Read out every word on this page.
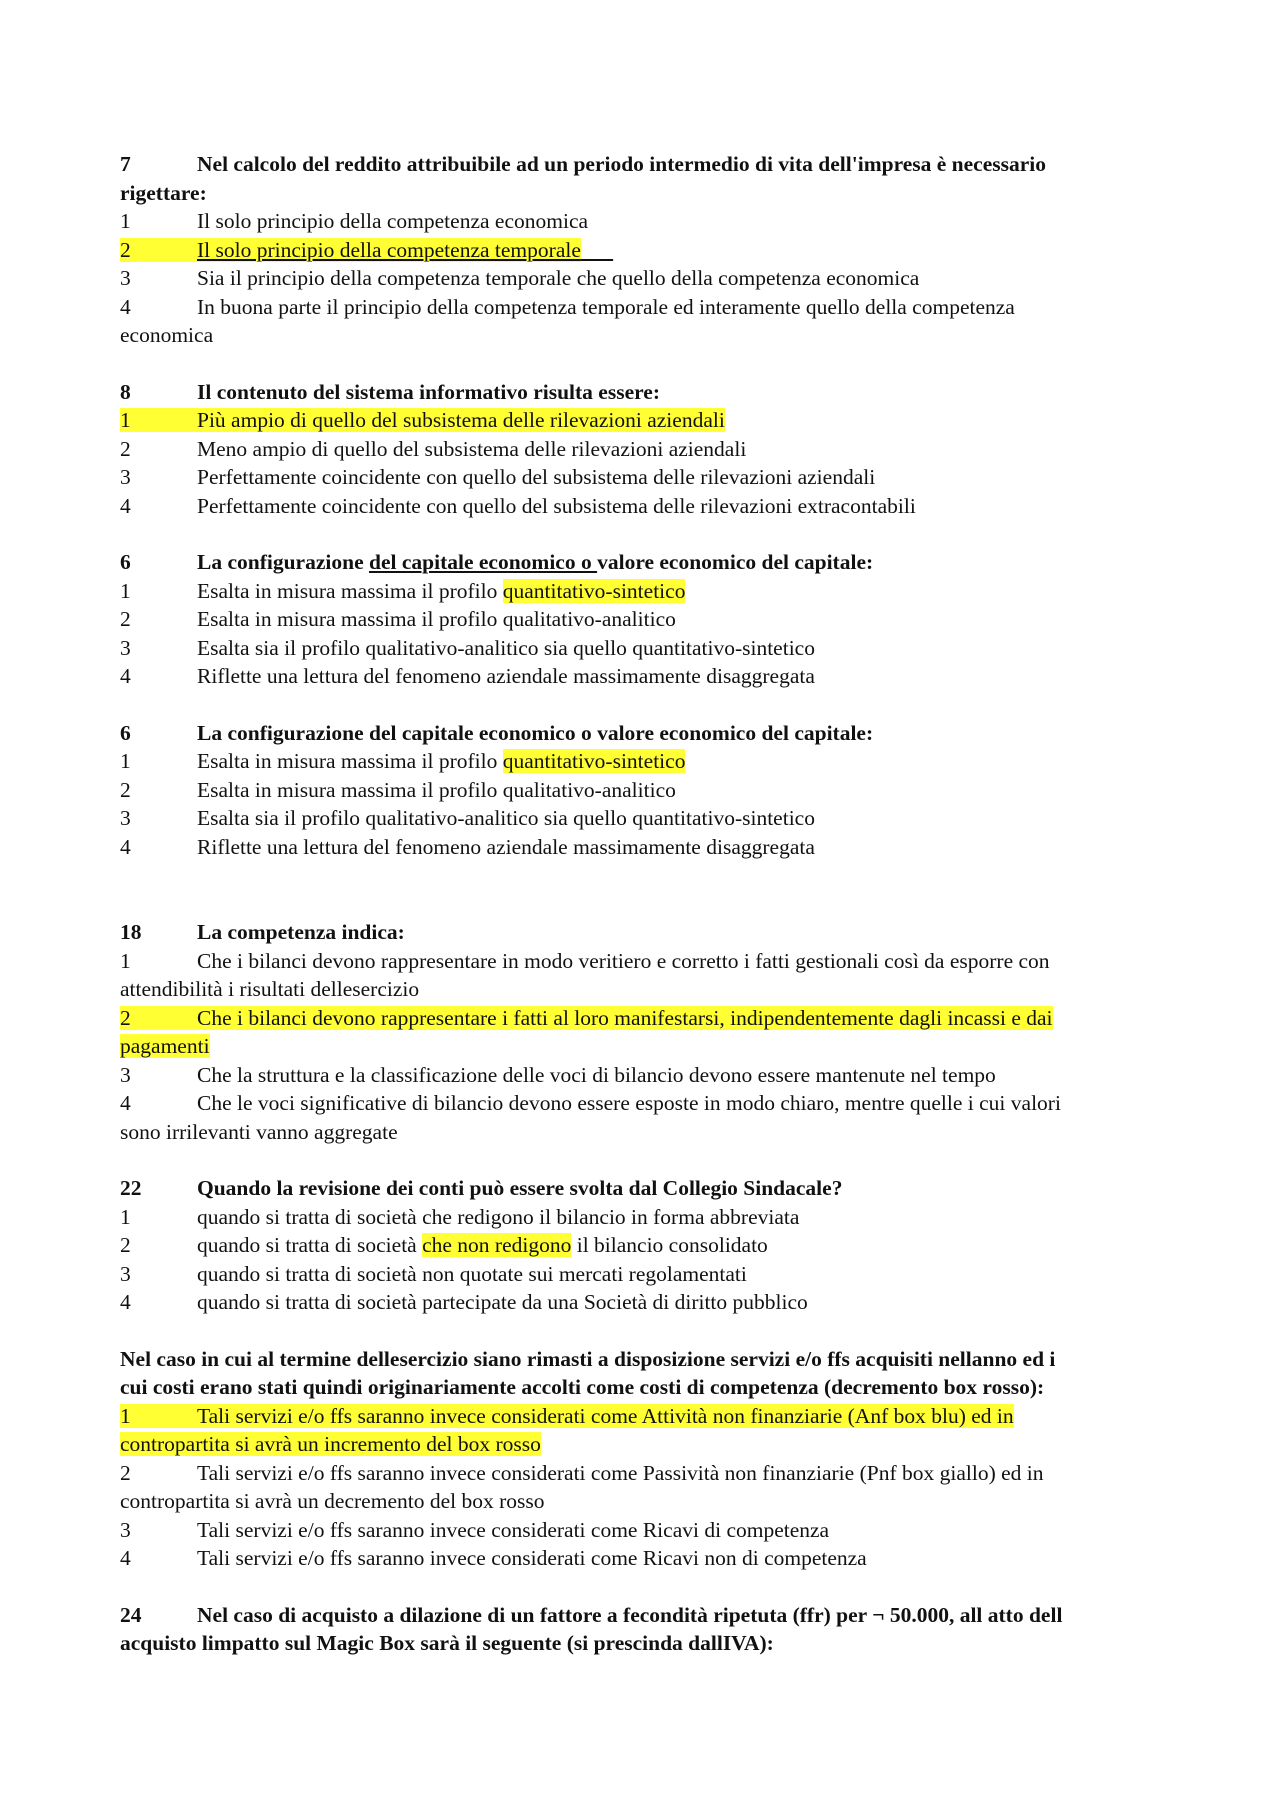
7	Nel calcolo del reddito attribuibile ad un periodo intermedio di vita dell'impresa è necessario
rigettare:
1	Il solo principio della competenza economica
2	Il solo principio della competenza temporale
3	Sia il principio della competenza temporale che quello della competenza economica
4	In buona parte il principio della competenza temporale ed interamente quello della competenza
economica
8	Il contenuto del sistema informativo risulta essere:
1	Più ampio di quello del subsistema delle rilevazioni aziendali
2	Meno ampio di quello del subsistema delle rilevazioni aziendali
3	Perfettamente coincidente con quello del subsistema delle rilevazioni aziendali
4	Perfettamente coincidente con quello del subsistema delle rilevazioni extracontabili
6	La configurazione del capitale economico o valore economico del capitale:
1	Esalta in misura massima il profilo quantitativo-sintetico
2	Esalta in misura massima il profilo qualitativo-analitico
3	Esalta sia il profilo qualitativo-analitico sia quello quantitativo-sintetico
4	Riflette una lettura del fenomeno aziendale massimamente disaggregata
6	La configurazione del capitale economico o valore economico del capitale:
1	Esalta in misura massima il profilo quantitativo-sintetico
2	Esalta in misura massima il profilo qualitativo-analitico
3	Esalta sia il profilo qualitativo-analitico sia quello quantitativo-sintetico
4	Riflette una lettura del fenomeno aziendale massimamente disaggregata
18	La competenza indica:
1	Che i bilanci devono rappresentare in modo veritiero e corretto i fatti gestionali così da esporre con
attendibilità i risultati dellesercizio
2	Che i bilanci devono rappresentare i fatti al loro manifestarsi, indipendentemente dagli incassi e dai
pagamenti
3	Che la struttura e la classificazione delle voci di bilancio devono essere mantenute nel tempo
4	Che le voci significative di bilancio devono essere esposte in modo chiaro, mentre quelle i cui valori
sono irrilevanti vanno aggregate
22	Quando la revisione dei conti può essere svolta dal Collegio Sindacale?
1	quando si tratta di società che redigono il bilancio in forma abbreviata
2	quando si tratta di società che non redigono il bilancio consolidato
3	quando si tratta di società non quotate sui mercati regolamentati
4	quando si tratta di società partecipate da una Società di diritto pubblico
Nel caso in cui al termine dellesercizio siano rimasti a disposizione servizi e/o ffs acquisiti nellanno ed i
cui costi erano stati quindi originariamente accolti come costi di competenza (decremento box rosso):
1	Tali servizi e/o ffs saranno invece considerati come Attività non finanziarie (Anf box blu) ed in
contropartita si avrà un incremento del box rosso
2	Tali servizi e/o ffs saranno invece considerati come Passività non finanziarie (Pnf box giallo) ed in
contropartita si avrà un decremento del box rosso
3	Tali servizi e/o ffs saranno invece considerati come Ricavi di competenza
4	Tali servizi e/o ffs saranno invece considerati come Ricavi non di competenza
24	Nel caso di acquisto a dilazione di un fattore a fecondità ripetuta (ffr) per ¬ 50.000, all atto dell
acquisto limpatto sul Magic Box sarà il seguente (si prescinda dallIVA):
